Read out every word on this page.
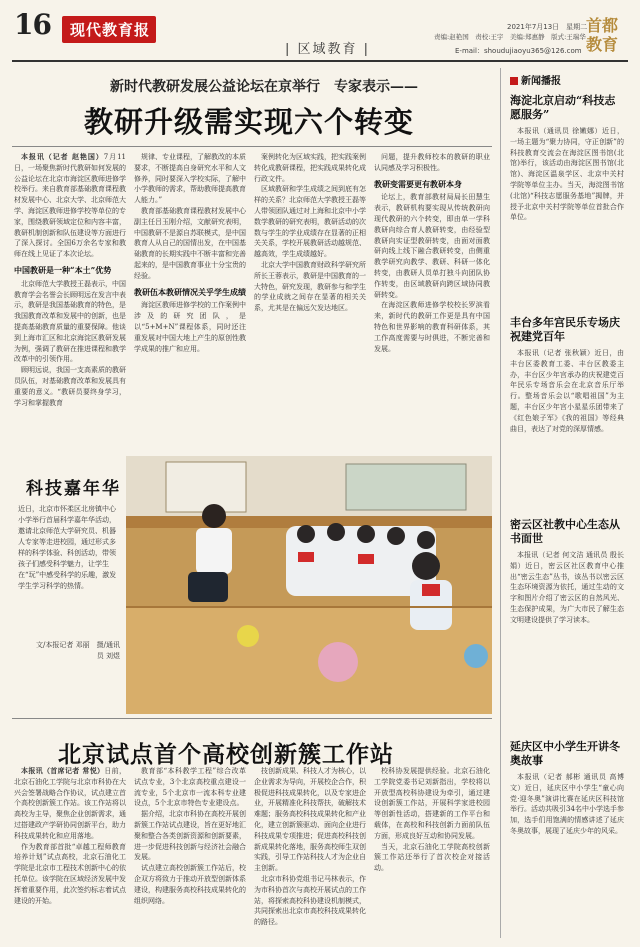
16	现代教育报
| 区域教育 |
2021年7月13日　星期二
责编:赵艳国　责校:王宇　美编:郑惠静　版式:王瑞华
E-mail：shoudujiaoyu365@126.com
首都教育
新时代教研发展公益论坛在京举行　专家表示——
教研升级需实现六个转变

本报讯（记者 赵艳国）7月11日，一场聚焦新时代教研如何发展的公益论坛在北京市海淀区教师进修学校举行。来自教育部基础教育课程教材发展中心、北京大学、北京师范大学、海淀区教师进修学校等单位的专家，围绕教研领域定位和内容丰富，教研机制创新和队伍建设等方面进行了深入探讨。全国6万余名专家和教师在线上见证了本次论坛。

中国教研是一种“本土”优势

北京师范大学教授王磊表示，中国教育学会名誉会长顾明远在发言中表示，教研是我国基础教育的特色，是我国教育改革和发展中的创新，也是提高基础教育质量的重要保障。他谈到上海市汇区和北京海淀区教研发展为例，强调了教研在推进课程和教学改革中的引领作用。

顾明远说，我国一支高素质的教研员队伍，对基础教育改革和发展具有重要的意义。“教研员要终身学习，学习和掌握教育

规律、专业课程，了解教改的本质要求，不断提高自身研究水平和人文修养，同时要深入学校实际，了解中小学教师的需求，帮助教师提高教育人能力。”

教育部基础教育课程教材发展中心副主任吕玉刚介绍，文献研究表明，中国教研不是源自苏联模式，是中国教育人从自己的国情出发，在中国基础教育的长期实践中不断丰富和完善起来的，是中国教育事业十分宝贵的经验。

教研伍本教研情况关乎学生成绩

海淀区教师进修学校的工作案例中涉及的研究团队，是以“5+M+N”课程体系，同时还注重发展对中国大地上产生的原创性教学成果的推广和应用。

案例转化为区域实践，把实践案例转化成教研课程，把实践成果转化成行政文件。

区域教研和学生成绩之间到底有怎样的关系？北京师范大学教授王磊等人带领团队通过对上海和北京中小学数学教研的研究表明，教研活动的次数与学生的学业成绩存在显著的正相关关系，学校开展教研活动越规范、越高效，学生成绩越好。

北京大学中国教育财政科学研究所所长王蓉表示，教研是中国教育的一大特色，研究发现，教研参与和学生的学业成就之间存在显著的相关关系，尤其是在偏远欠发达地区。

问题，提升教师校本的教研的职业认同感及学习积极性。

教研变需要更有教研本身

论坛上，教育部教材局局长田慧生表示，教研机构要实现从传统教研向现代教研的六个转变，即由单一学科教研向综合育人教研转变，由经验型教研向实证型教研转变，由面对面教研向线上线下融合教研转变，由侧重教学研究向教学、教研、科研一体化转变，由教研人员单打独斗向团队协作转变，由区域教研向跨区域协同教研转变。

在海淀区教师进修学校校长罗滨看来，新时代的教研工作更是具有中国特色和世界影响的教育科研体系，其工作高度需要与时俱进，不断完善和发展。

科技嘉年华
近日，北京市怀柔区北房镇中心小学举行首届科学嘉年华活动，邀请北京师范大学研究员、机器人专家等走进校园，通过形式多样的科学体验、科创活动，带领孩子们感受科学魅力，让学生在“玩”中感受科学的乐趣，激发学生学习科学的热情。
文/本报记者 邓丽　摄/通讯员 刘煜
北京试点首个高校创新簇工作站

本报讯（首席记者 常悦）日前，北京石油化工学院与北京市科协在大兴会签署战略合作协议，试点建立首个高校创新簇工作站。该工作站将以高校为主导，聚焦企业创新需求，通过搭建政产学研协同创新平台，助力科技成果转化和应用落地。

作为教育部首批“卓越工程师教育培养计划”试点高校，北京石油化工学院是北京市工程技术创新中心的依托单位。该学院在区域经济发展中发挥着重要作用，此次签约标志着试点建设的开始。

教育部“本科教学工程”综合改革试点专业，3个北京高校重点建设一流专业，5个北京市一流本科专业建设点，5个北京市特色专业建设点。

据介绍，北京市科协在高校开展创新簇工作站试点建设，旨在更好地汇聚和整合各类创新资源和创新要素，进一步促进科技创新与经济社会融合发展。

试点建立高校创新簇工作站后，校企双方将致力于推动开放型创新体系建设，构建服务高校科技成果转化的组织网络。

技创新成果、科技人才为核心，以企业需求为导向，开展校企合作，积极促进科技成果转化，以及专家进企业，开展精准化科技帮扶，破解技术难题；服务高校科技成果转化和产业化，建立创新簇驱动、面向企业进行科技成果专项推进；促进高校科技创新成果转化落地，服务高校师生双创实践，引导工作站科技人才为企业自主创新。

北京市科协党组书记马林表示，作为市科协首次与高校开展试点的工作站，将探索高校科协建设机制模式，共同探索出北京市高校科技成果转化的路径。

校科协发展提供经验。北京石油化工学院党委书记刘新指出，学校将以开放型高校科协建设为牵引，通过建设创新簇工作站，开展科学家进校园等创新性活动，搭建新的工作平台和载体，在高校和科技创新力面前队伍方面，形成良好互动和协同发展。

当天，北京石油化工学院高校创新簇工作站还举行了首次校企对接活动。

新闻播报
海淀北京启动“科技志愿服务”

本报讯（通讯员 徐嫩娜）近日，一场主题为“聚力协同，守正创新”的科技教育交流会在海淀区图书馆(北馆)举行，该活动由海淀区图书馆(北馆)、海淀区温泉学区、北京中关村学院等单位主办。当天，海淀图书馆(北馆)“科技志愿服务基地”揭牌，并授予北京中关村学院等单位首批合作单位。

丰台多年宫民乐专场庆祝建党百年

本报讯（记者 张秋颖）近日，由丰台区委教育工委、丰台区教委主办，丰台区少年宫承办的庆祝建党百年民乐专场音乐会在北京音乐厅举行。整场音乐会以“歌唱祖国”为主题，丰台区少年宫小星星乐团带来了《红色娘子军》《我的祖国》等经典曲目，表达了对党的深厚情感。

密云区社教中心生态从书面世

本报讯（记者 何文洁 通讯员 殷长娟）近日，密云区社区教育中心推出“密云生态”丛书，该丛书以密云区生态环境资源为依托，通过生动的文字和图片介绍了密云区的自然风光、生态保护成果，为广大市民了解生态文明建设提供了学习读本。

延庆区中小学生开讲冬奥故事

本报讯（记者 郝彬 通讯员 高博文）近日，延庆区中小学生“童心向党·迎冬奥”演讲比赛在延庆区科技馆举行。活动共吸引34名中小学选手参加，选手们用饱满的情感讲述了延庆冬奥故事，展现了延庆少年的风采。
